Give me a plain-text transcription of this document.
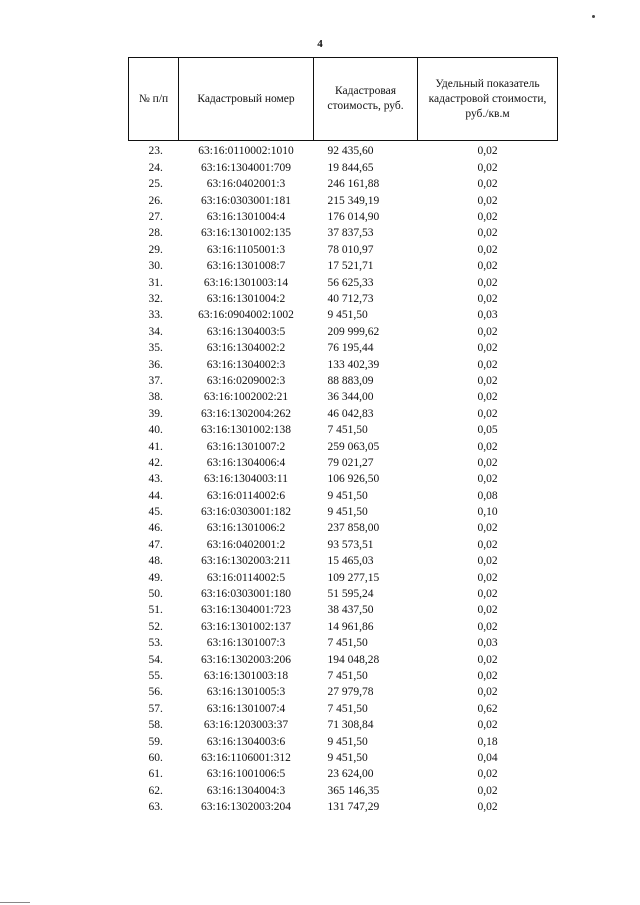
4
№ п/п	Кадастровый номер	Кадастровая стоимость, руб.	Удельный показатель кадастровой стоимости, руб./кв.м
23.	63:16:0110002:1010	92 435,60	0,02
24.	63:16:1304001:709	19 844,65	0,02
25.	63:16:0402001:3	246 161,88	0,02
26.	63:16:0303001:181	215 349,19	0,02
27.	63:16:1301004:4	176 014,90	0,02
28.	63:16:1301002:135	37 837,53	0,02
29.	63:16:1105001:3	78 010,97	0,02
30.	63:16:1301008:7	17 521,71	0,02
31.	63:16:1301003:14	56 625,33	0,02
32.	63:16:1301004:2	40 712,73	0,02
33.	63:16:0904002:1002	9 451,50	0,03
34.	63:16:1304003:5	209 999,62	0,02
35.	63:16:1304002:2	76 195,44	0,02
36.	63:16:1304002:3	133 402,39	0,02
37.	63:16:0209002:3	88 883,09	0,02
38.	63:16:1002002:21	36 344,00	0,02
39.	63:16:1302004:262	46 042,83	0,02
40.	63:16:1301002:138	7 451,50	0,05
41.	63:16:1301007:2	259 063,05	0,02
42.	63:16:1304006:4	79 021,27	0,02
43.	63:16:1304003:11	106 926,50	0,02
44.	63:16:0114002:6	9 451,50	0,08
45.	63:16:0303001:182	9 451,50	0,10
46.	63:16:1301006:2	237 858,00	0,02
47.	63:16:0402001:2	93 573,51	0,02
48.	63:16:1302003:211	15 465,03	0,02
49.	63:16:0114002:5	109 277,15	0,02
50.	63:16:0303001:180	51 595,24	0,02
51.	63:16:1304001:723	38 437,50	0,02
52.	63:16:1301002:137	14 961,86	0,02
53.	63:16:1301007:3	7 451,50	0,03
54.	63:16:1302003:206	194 048,28	0,02
55.	63:16:1301003:18	7 451,50	0,02
56.	63:16:1301005:3	27 979,78	0,02
57.	63:16:1301007:4	7 451,50	0,62
58.	63:16:1203003:37	71 308,84	0,02
59.	63:16:1304003:6	9 451,50	0,18
60.	63:16:1106001:312	9 451,50	0,04
61.	63:16:1001006:5	23 624,00	0,02
62.	63:16:1304004:3	365 146,35	0,02
63.	63:16:1302003:204	131 747,29	0,02
